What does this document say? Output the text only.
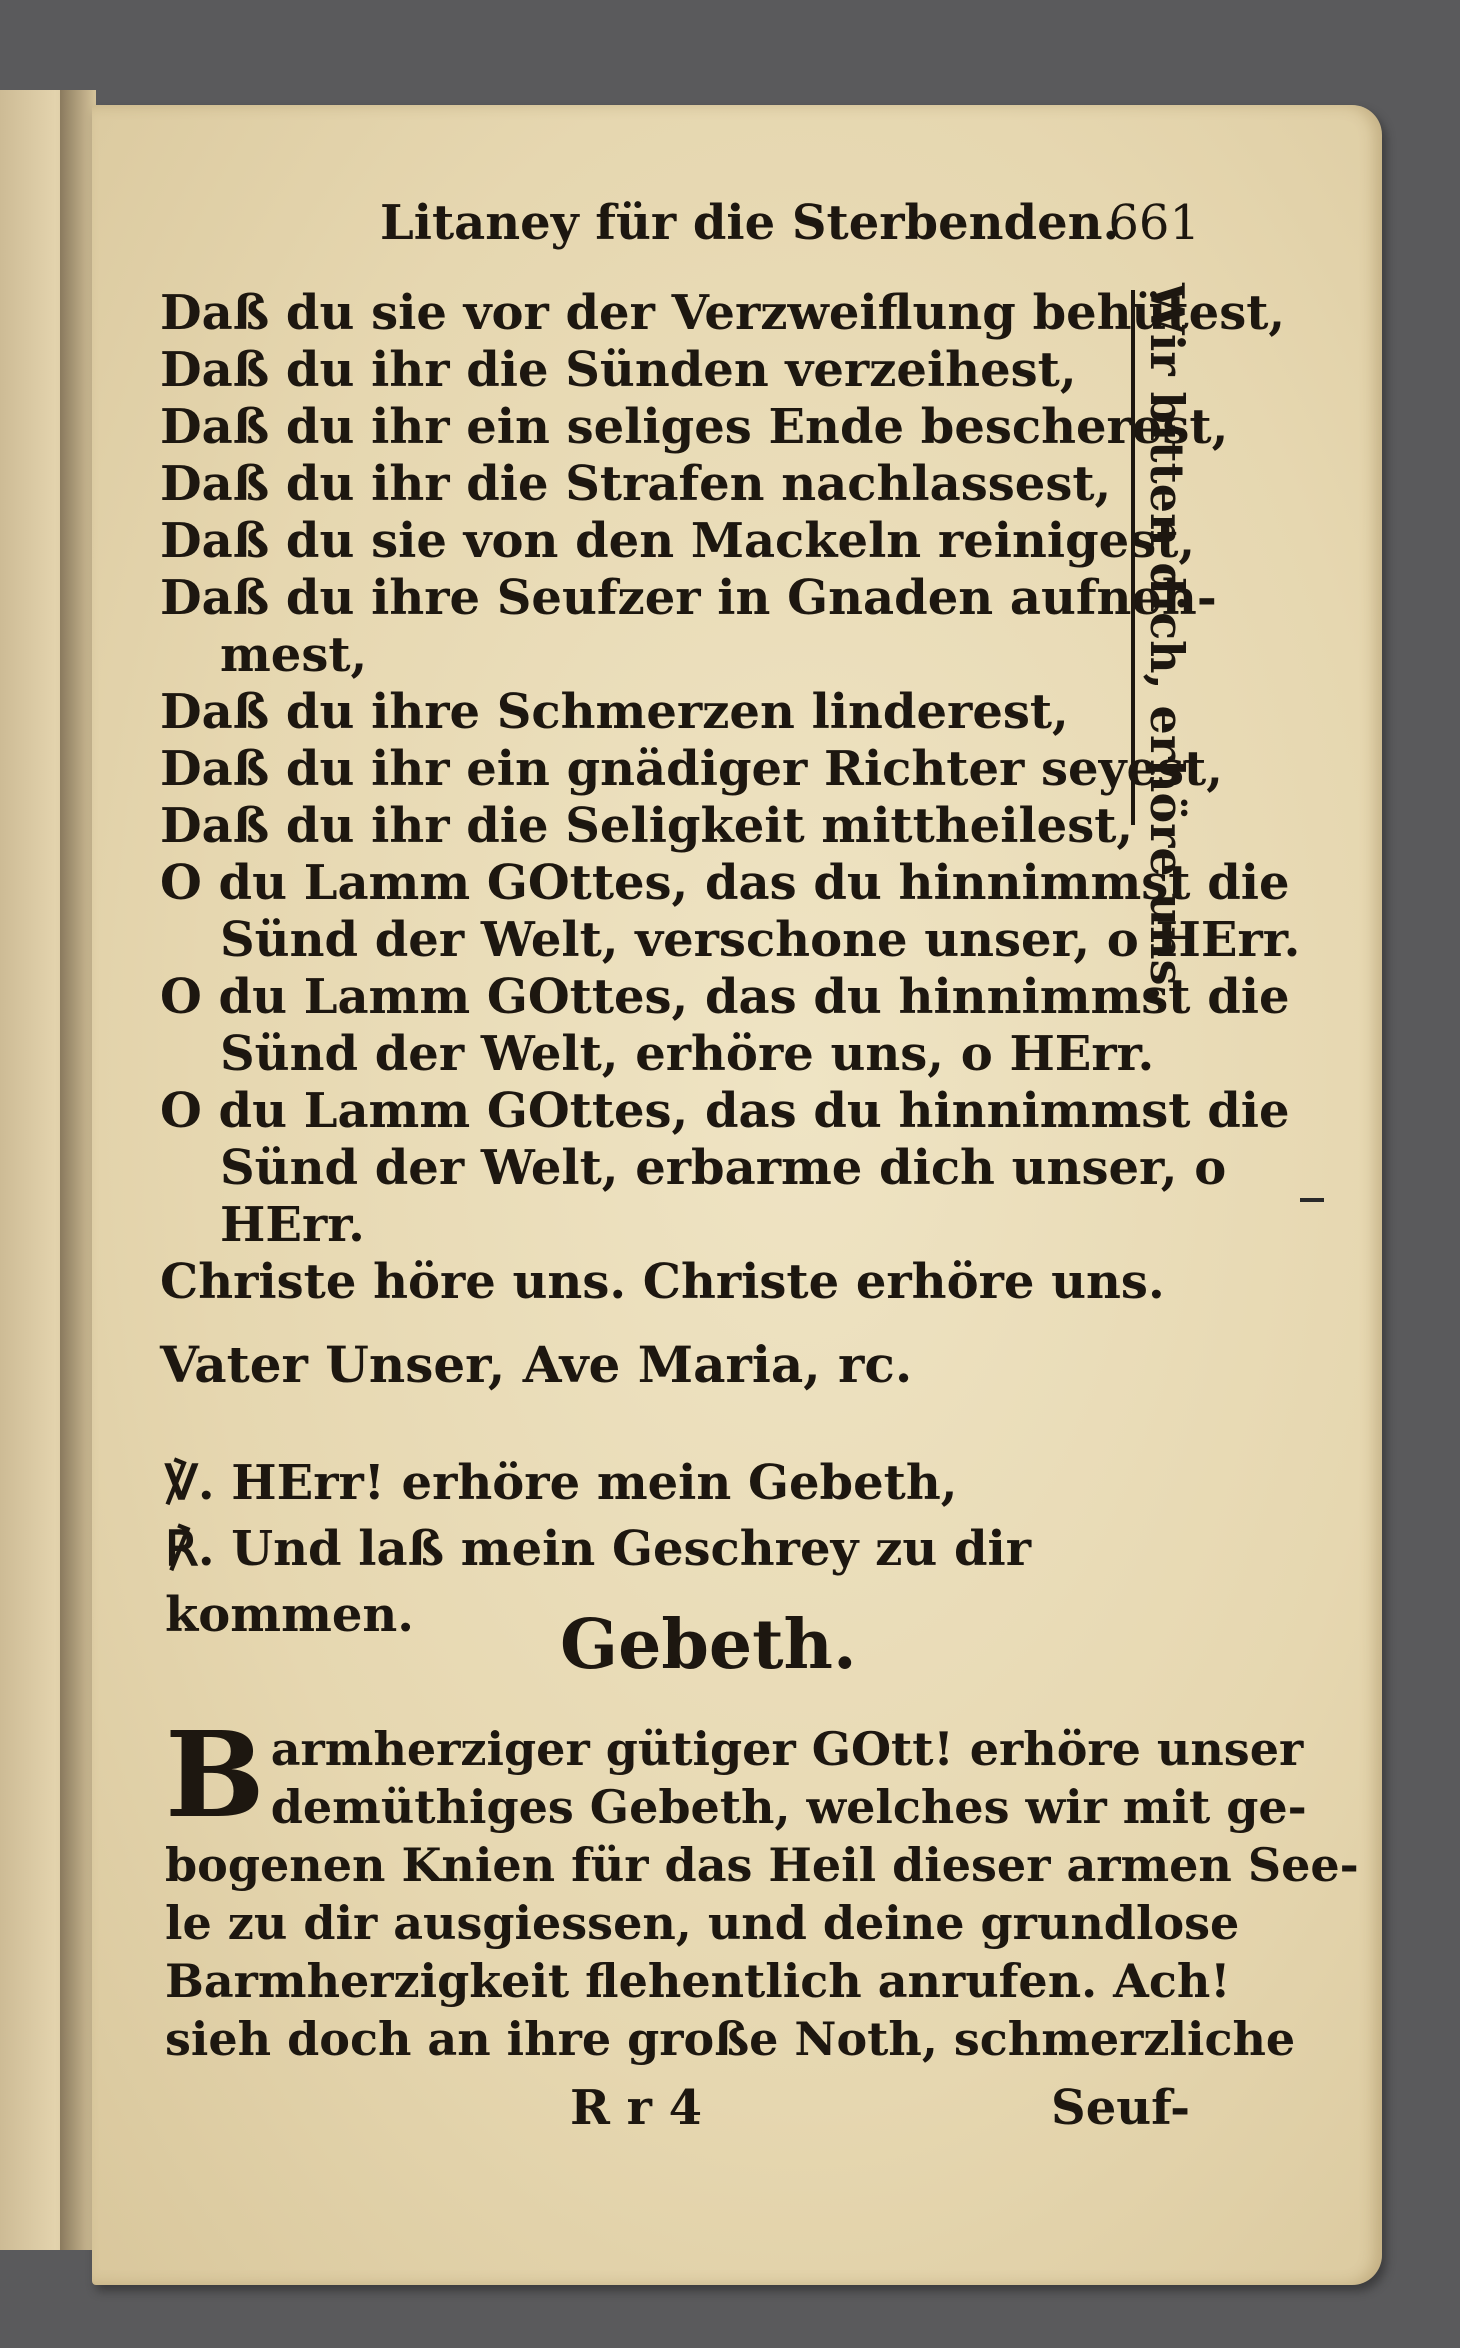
Litaney für die Sterbenden.
661
Daß du sie vor der Verzweiflung behütest,
Daß du ihr die Sünden verzeihest,
Daß du ihr ein seliges Ende bescherest,
Daß du ihr die Strafen nachlassest,
Daß du sie von den Mackeln reinigest,
Daß du ihre Seufzer in Gnaden aufneh-
mest,
Daß du ihre Schmerzen linderest,
Daß du ihr ein gnädiger Richter seyest,
Daß du ihr die Seligkeit mittheilest,
O du Lamm GOttes, das du hinnimmst die
Sünd der Welt, verschone unser, o HErr.
O du Lamm GOttes, das du hinnimmst die
Sünd der Welt, erhöre uns, o HErr.
O du Lamm GOttes, das du hinnimmst die
Sünd der Welt, erbarme dich unser, o
HErr.
Christe höre uns. Christe erhöre uns.
Wir bitten dich, erhöre uns.
Vater Unser, Ave Maria, rc.
℣. HErr! erhöre mein Gebeth,
℟. Und laß mein Geschrey zu dir kommen.	Gebeth.
B armherziger gütiger GOtt! erhöre unser
demüthiges Gebeth, welches wir mit ge-
bogenen Knien für das Heil dieser armen See-
le zu dir ausgiessen, und deine grundlose
Barmherzigkeit flehentlich anrufen. Ach!
sieh doch an ihre große Noth, schmerzliche
R r 4	Seuf-
